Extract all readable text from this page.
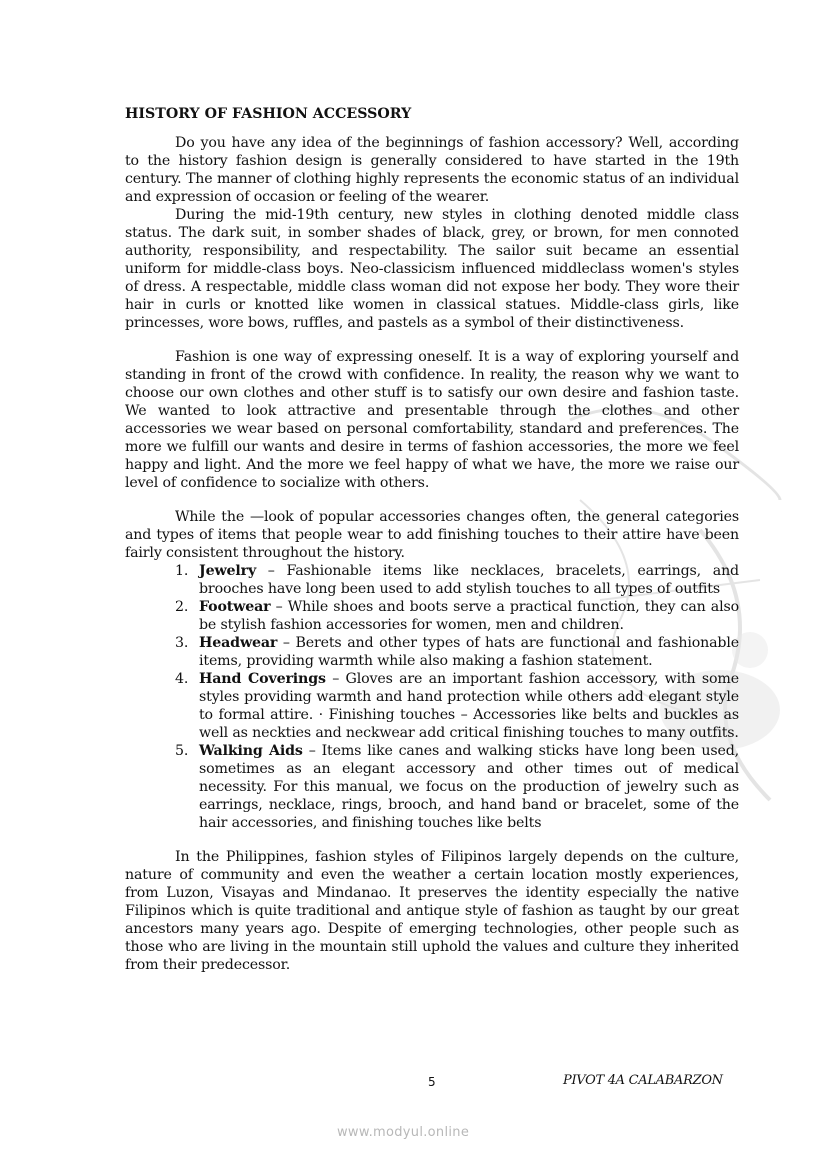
HISTORY OF FASHION ACCESSORY

Do you have any idea of the beginnings of fashion accessory? Well, according to the history fashion design is generally considered to have started in the 19th century. The manner of clothing highly represents the economic status of an individual and expression of occasion or feeling of the wearer.

During the mid-19th century, new styles in clothing denoted middle class status. The dark suit, in somber shades of black, grey, or brown, for men connoted authority, responsibility, and respectability. The sailor suit became an essential uniform for middle-class boys. Neo-classicism influenced middleclass women's styles of dress. A respectable, middle class woman did not expose her body. They wore their hair in curls or knotted like women in classical statues. Middle-class girls, like princesses, wore bows, ruffles, and pastels as a symbol of their distinctiveness.

Fashion is one way of expressing oneself. It is a way of exploring yourself and standing in front of the crowd with confidence. In reality, the reason why we want to choose our own clothes and other stuff is to satisfy our own desire and fashion taste. We wanted to look attractive and presentable through the clothes and other accessories we wear based on personal comfortability, standard and preferences. The more we fulfill our wants and desire in terms of fashion accessories, the more we feel happy and light. And the more we feel happy of what we have, the more we raise our level of confidence to socialize with others.

While the —look of popular accessories changes often, the general categories and types of items that people wear to add finishing touches to their attire have been fairly consistent throughout the history.

1. Jewelry – Fashionable items like necklaces, bracelets, earrings, and brooches have long been used to add stylish touches to all types of outfits
2. Footwear – While shoes and boots serve a practical function, they can also be stylish fashion accessories for women, men and children.
3. Headwear – Berets and other types of hats are functional and fashionable items, providing warmth while also making a fashion statement.
4. Hand Coverings – Gloves are an important fashion accessory, with some styles providing warmth and hand protection while others add elegant style to formal attire. · Finishing touches – Accessories like belts and buckles as well as neckties and neckwear add critical finishing touches to many outfits.
5. Walking Aids – Items like canes and walking sticks have long been used, sometimes as an elegant accessory and other times out of medical necessity. For this manual, we focus on the production of jewelry such as earrings, necklace, rings, brooch, and hand band or bracelet, some of the hair accessories, and finishing touches like belts

In the Philippines, fashion styles of Filipinos largely depends on the culture, nature of community and even the weather a certain location mostly experiences, from Luzon, Visayas and Mindanao. It preserves the identity especially the native Filipinos which is quite traditional and antique style of fashion as taught by our great ancestors many years ago. Despite of emerging technologies, other people such as those who are living in the mountain still uphold the values and culture they inherited from their predecessor.

5	PIVOT 4A CALABARZON
www.modyul.online
